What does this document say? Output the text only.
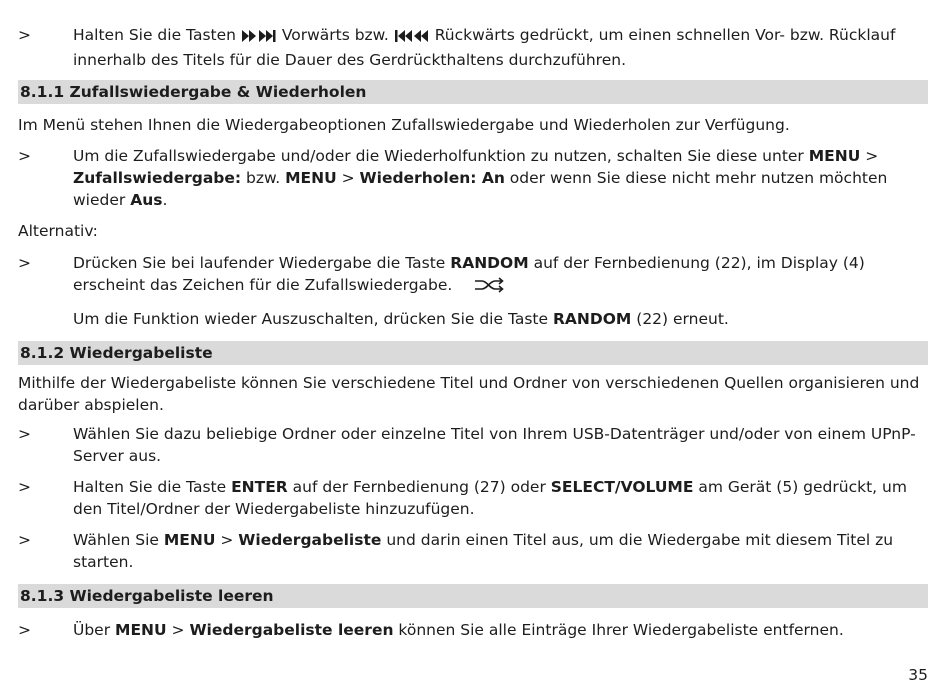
>	Halten Sie die Tasten  Vorwärts bzw.  Rückwärts gedrückt, um einen schnellen Vor- bzw. Rücklauf innerhalb des Titels für die Dauer des Gerdrückthaltens durchzuführen.
8.1.1 Zufallswiedergabe & Wiederholen
Im Menü stehen Ihnen die Wiedergabeoptionen Zufallswiedergabe und Wiederholen zur Verfügung.
>	Um die Zufallswiedergabe und/oder die Wiederholfunktion zu nutzen, schalten Sie diese unter MENU > Zufallswiedergabe: bzw. MENU > Wiederholen: An oder wenn Sie diese nicht mehr nutzen möchten wieder Aus.
Alternativ:
>	Drücken Sie bei laufender Wiedergabe die Taste RANDOM auf der Fernbedienung (22), im Display (4) erscheint das Zeichen für die Zufallswiedergabe.
Um die Funktion wieder Auszuschalten, drücken Sie die Taste RANDOM (22) erneut.
8.1.2 Wiedergabeliste
Mithilfe der Wiedergabeliste können Sie verschiedene Titel und Ordner von verschiedenen Quellen organisieren und darüber abspielen.
>	Wählen Sie dazu beliebige Ordner oder einzelne Titel von Ihrem USB-Datenträger und/oder von einem UPnP-Server aus.
>	Halten Sie die Taste ENTER auf der Fernbedienung (27) oder SELECT/VOLUME am Gerät (5) gedrückt, um den Titel/Ordner der Wiedergabeliste hinzuzufügen.
>	Wählen Sie MENU > Wiedergabeliste und darin einen Titel aus, um die Wiedergabe mit diesem Titel zu starten.
8.1.3 Wiedergabeliste leeren
>	Über MENU > Wiedergabeliste leeren können Sie alle Einträge Ihrer Wiedergabeliste entfernen.
35
